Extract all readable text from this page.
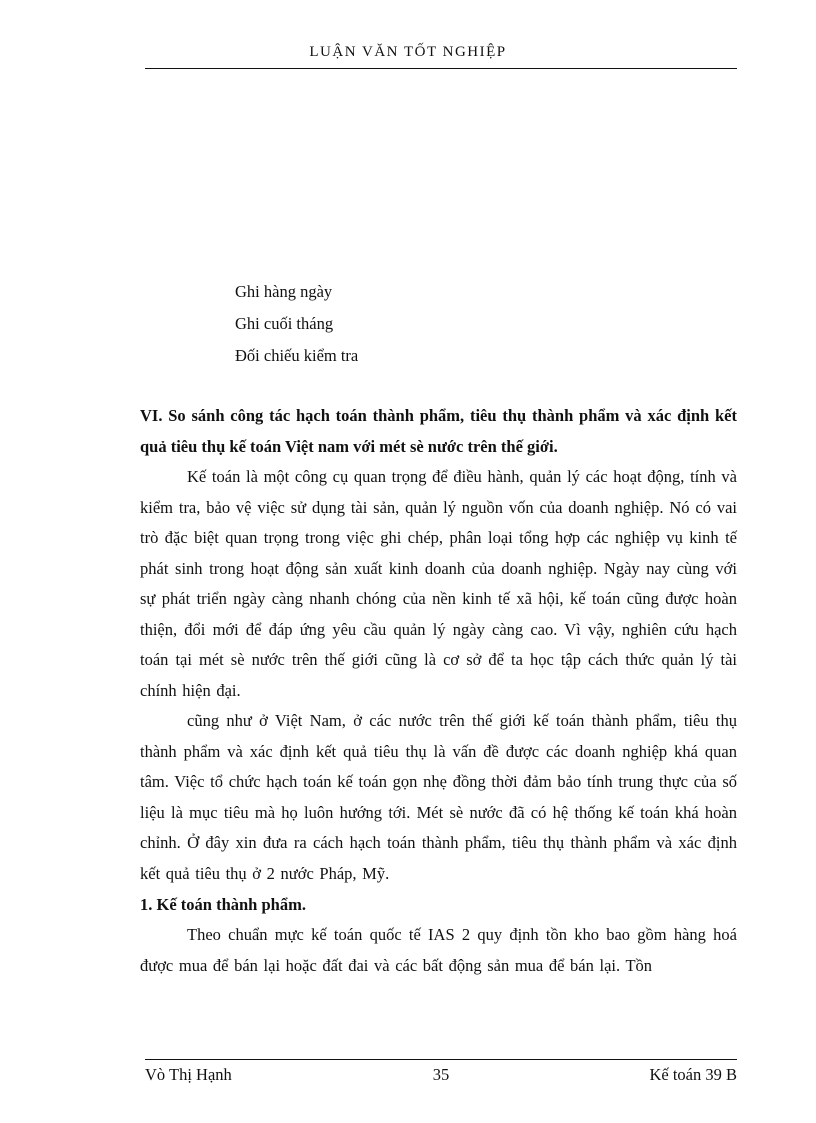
LUẬN VĂN TỐT NGHIỆP
Ghi hàng ngày
Ghi cuối tháng
Đối chiếu kiểm tra
VI. So sánh công tác hạch toán thành phẩm, tiêu thụ thành phẩm và xác định kết quả tiêu thụ kế toán Việt nam với mét sè nước trên thế giới.

Kế toán là một công cụ quan trọng để điều hành, quản lý các hoạt động, tính và kiểm tra, bảo vệ việc sử dụng tài sản, quản lý nguồn vốn của doanh nghiệp. Nó có vai trò đặc biệt quan trọng trong việc ghi chép, phân loại tổng hợp các nghiệp vụ kinh tế phát sinh trong hoạt động sản xuất kinh doanh của doanh nghiệp. Ngày nay cùng với sự phát triển ngày càng nhanh chóng của nền kinh tế xã hội, kế toán cũng được hoàn thiện, đổi mới để đáp ứng yêu cầu quản lý ngày càng cao. Vì vậy, nghiên cứu hạch toán tại mét sè nước trên thế giới cũng là cơ sở để ta học tập cách thức quản lý tài chính hiện đại.

cũng như ở Việt Nam, ở các nước trên thế giới kế toán thành phẩm, tiêu thụ thành phẩm và xác định kết quả tiêu thụ là vấn đề được các doanh nghiệp khá quan tâm. Việc tổ chức hạch toán kế toán gọn nhẹ đồng thời đảm bảo tính trung thực của số liệu là mục tiêu mà họ luôn hướng tới. Mét sè nước đã có hệ thống kế toán khá hoàn chỉnh. Ở đây xin đưa ra cách hạch toán thành phẩm, tiêu thụ thành phẩm và xác định kết quả tiêu thụ ở 2 nước Pháp, Mỹ.

1. Kế toán thành phẩm.

Theo chuẩn mực kế toán quốc tế IAS 2 quy định tồn kho bao gồm hàng hoá được mua để bán lại hoặc đất đai và các bất động sản mua để bán lại. Tồn

35
Vò Thị Hạnh	Kế toán 39 B
